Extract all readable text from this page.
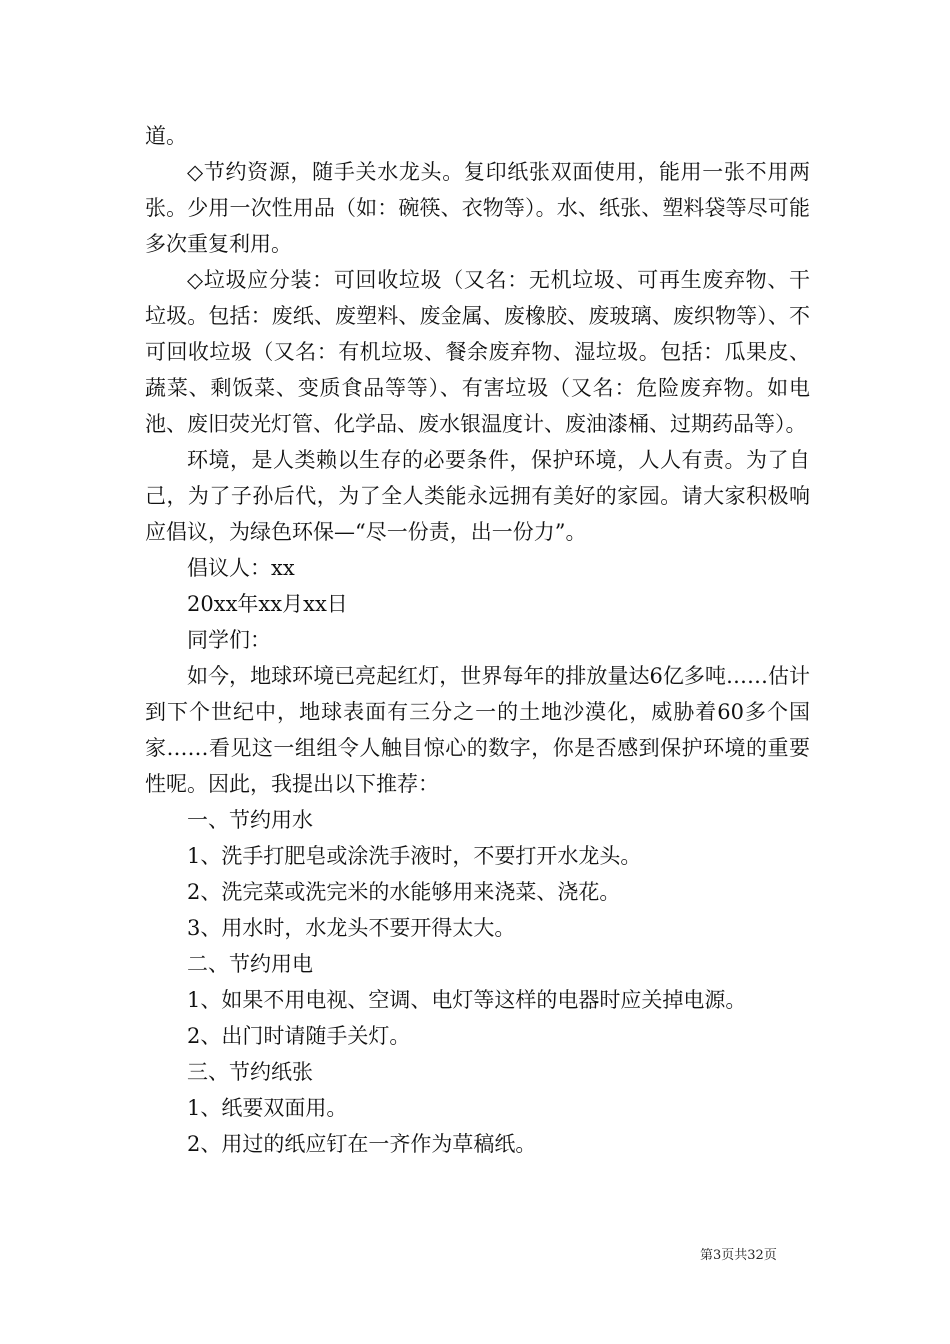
道。

◇节约资源，随手关水龙头。复印纸张双面使用，能用一张不用两张。少用一次性用品（如：碗筷、衣物等）。水、纸张、塑料袋等尽可能多次重复利用。

◇垃圾应分装：可回收垃圾（又名：无机垃圾、可再生废弃物、干垃圾。包括：废纸、废塑料、废金属、废橡胶、废玻璃、废织物等）、不可回收垃圾（又名：有机垃圾、餐余废弃物、湿垃圾。包括：瓜果皮、蔬菜、剩饭菜、变质食品等等）、有害垃圾（又名：危险废弃物。如电池、废旧荧光灯管、化学品、废水银温度计、废油漆桶、过期药品等）。

环境，是人类赖以生存的必要条件，保护环境，人人有责。为了自己，为了子孙后代，为了全人类能永远拥有美好的家园。请大家积极响应倡议，为绿色环保—“尽一份责，出一份力”。

倡议人：xx

20xx年xx月xx日

同学们：

如今，地球环境已亮起红灯，世界每年的排放量达6亿多吨……估计到下个世纪中，地球表面有三分之一的土地沙漠化，威胁着60多个国家……看见这一组组令人触目惊心的数字，你是否感到保护环境的重要性呢。因此，我提出以下推荐：

一、节约用水

1、洗手打肥皂或涂洗手液时，不要打开水龙头。

2、洗完菜或洗完米的水能够用来浇菜、浇花。

3、用水时，水龙头不要开得太大。

二、节约用电

1、如果不用电视、空调、电灯等这样的电器时应关掉电源。

2、出门时请随手关灯。

三、节约纸张

1、纸要双面用。

2、用过的纸应钉在一齐作为草稿纸。

第3页共32页
